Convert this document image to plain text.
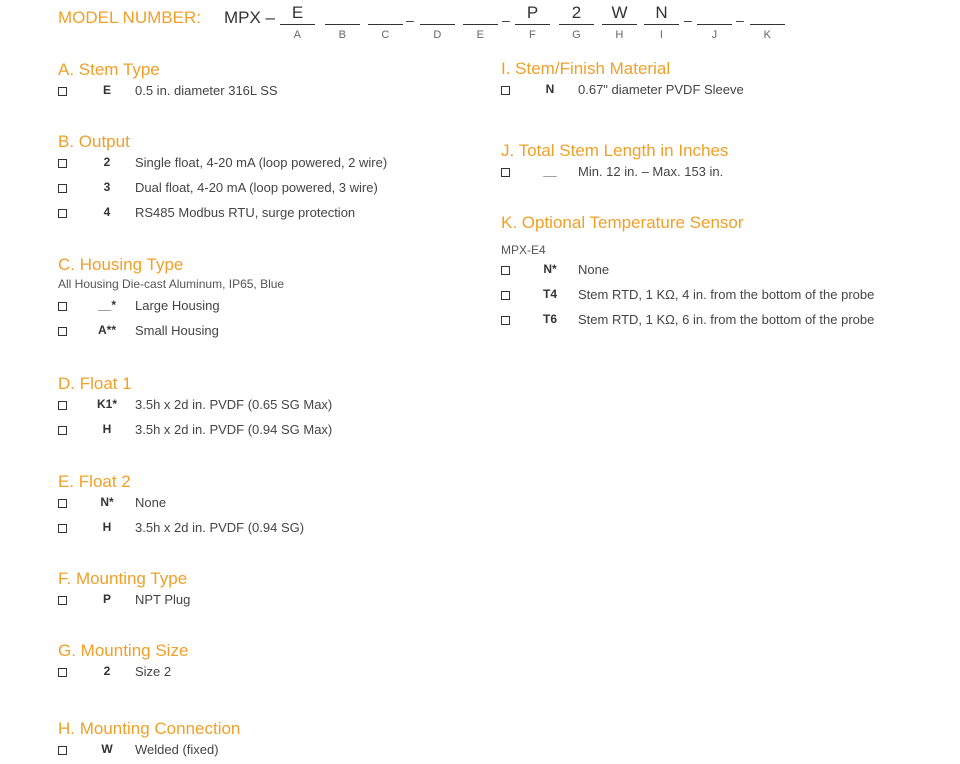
MODEL NUMBER: MPX – E
A	B	C
–
D	E
–	P
F
2
G
W
H
N
I
–
J
–
K
A. Stem Type
E	0.5 in. diameter 316L SS
B. Output
2	Single float, 4-20 mA (loop powered, 2 wire)
3	Dual float, 4-20 mA (loop powered, 3 wire)
4	RS485 Modbus RTU, surge protection
C. Housing Type
All Housing Die-cast Aluminum, IP65, Blue
__*	Large Housing
A**	Small Housing
D. Float 1
K1* 3.5h x 2d in. PVDF (0.65 SG Max)
H	3.5h x 2d in. PVDF (0.94 SG Max)
E. Float 2
N*	None
H	3.5h x 2d in. PVDF (0.94 SG)
F. Mounting Type
P	NPT Plug
G. Mounting Size
2	Size 2
H. Mounting Connection
W	Welded (fixed)
I. Stem/Finish Material
N	0.67" diameter PVDF Sleeve
J. Total Stem Length in Inches
__	Min. 12 in. – Max. 153 in.
K. Optional Temperature Sensor
MPX-E4
N*	None
T4	Stem RTD, 1 KΩ, 4 in. from the bottom of the probe
T6	Stem RTD, 1 KΩ, 6 in. from the bottom of the probe
